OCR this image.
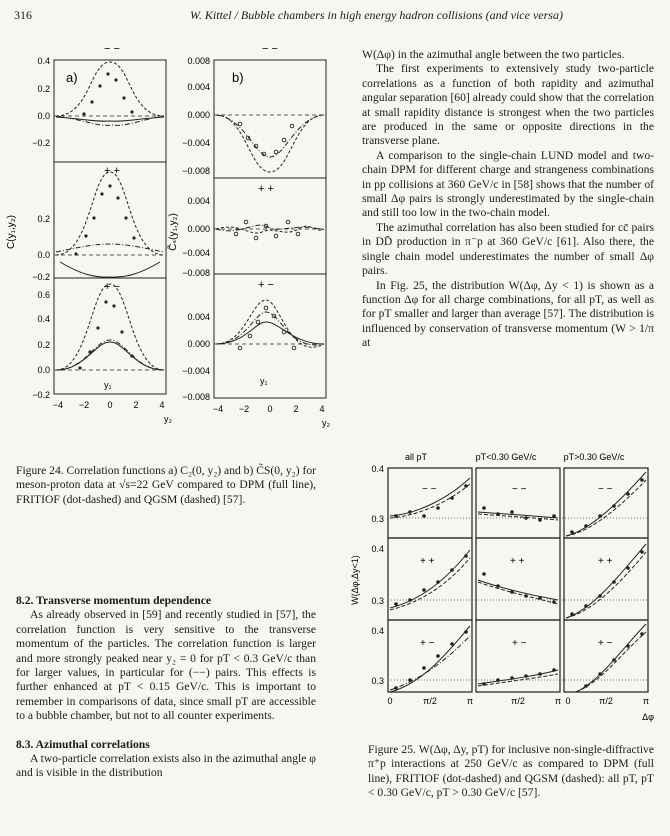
316	W. Kittel / Bubble chambers in high energy hadron collisions (and vice versa)

W(Δφ) in the azimuthal angle between the two particles.

The first experiments to extensively study two-particle correlations as a function of both rapidity and azimuthal angular separation [60] already could show that the correlation at small rapidity distance is strongest when the two particles are produced in the same or opposite directions in the transverse plane.

A comparison to the single-chain LUND model and two-chain DPM for different charge and strangeness combinations in pp collisions at 360 GeV/c in [58] shows that the number of small Δφ pairs is strongly underestimated by the single-chain and still too low in the two-chain model.

The azimuthal correlation has also been studied for cc̄ pairs in DD̄ production in π⁻p at 360 GeV/c [61]. Also there, the single chain model underestimates the number of small Δφ pairs.

In Fig. 25, the distribution W(Δφ, Δy < 1) is shown as a function Δφ for all charge combinations, for all pT, as well as for pT smaller and larger than average [57]. The distribution is influenced by conservation of transverse momentum (W > 1/π at

a)	b)
− −
+ +
+ −
− −
+ +
+ −
y₁	y₁
C(y₁,y₂)	C̃ₛ(y₁,y₂)
0.4
0.2
0.0
−0.2
0.2
0.0
−0.2
0.6
0.4
0.2
0.0
−0.2
0.008
0.004
0.000
−0.004
−0.008
0.004
0.000
−0.004
−0.008
0.004
0.000
−0.004
−0.008
−4 −2 0 2 4	−4 −2 0 2 4
y₂	y₂
Figure 24. Correlation functions a) C₂(0, y₂) and b) C̃S(0, y₂) for meson-proton data at √s=22 GeV compared to DPM (full line), FRITIOF (dot-dashed) and QGSM (dashed) [57].
all pT	pT<0.30 GeV/c	pT>0.30 GeV/c
− −	− −	− −
+ +	+ +	+ +
+ −	+ −	+ −
0.4
0.3
0.4
0.3
0.4
0.3
W(Δφ,Δy<1)
0	π/2	π	π/2	π 0	π/2	π
Δφ
Figure 25. W(Δφ, Δy, pT) for inclusive non-single-diffractive π⁺p interactions at 250 GeV/c as compared to DPM (full line), FRITIOF (dot-dashed) and QGSM (dashed): all pT, pT < 0.30 GeV/c, pT > 0.30 GeV/c [57].

8.2. Transverse momentum dependence

As already observed in [59] and recently studied in [57], the correlation function is very sensitive to the transverse momentum of the particles. The correlation function is larger and more strongly peaked near y₂ = 0 for pT < 0.3 GeV/c than for larger values, in particular for (−−) pairs. This effects is further enhanced at pT < 0.15 GeV/c. This is important to remember in comparisons of data, since small pT are accessible to a bubble chamber, but not to all counter experiments.

8.3. Azimuthal correlations

A two-particle correlation exists also in the azimuthal angle φ and is visible in the distribution
